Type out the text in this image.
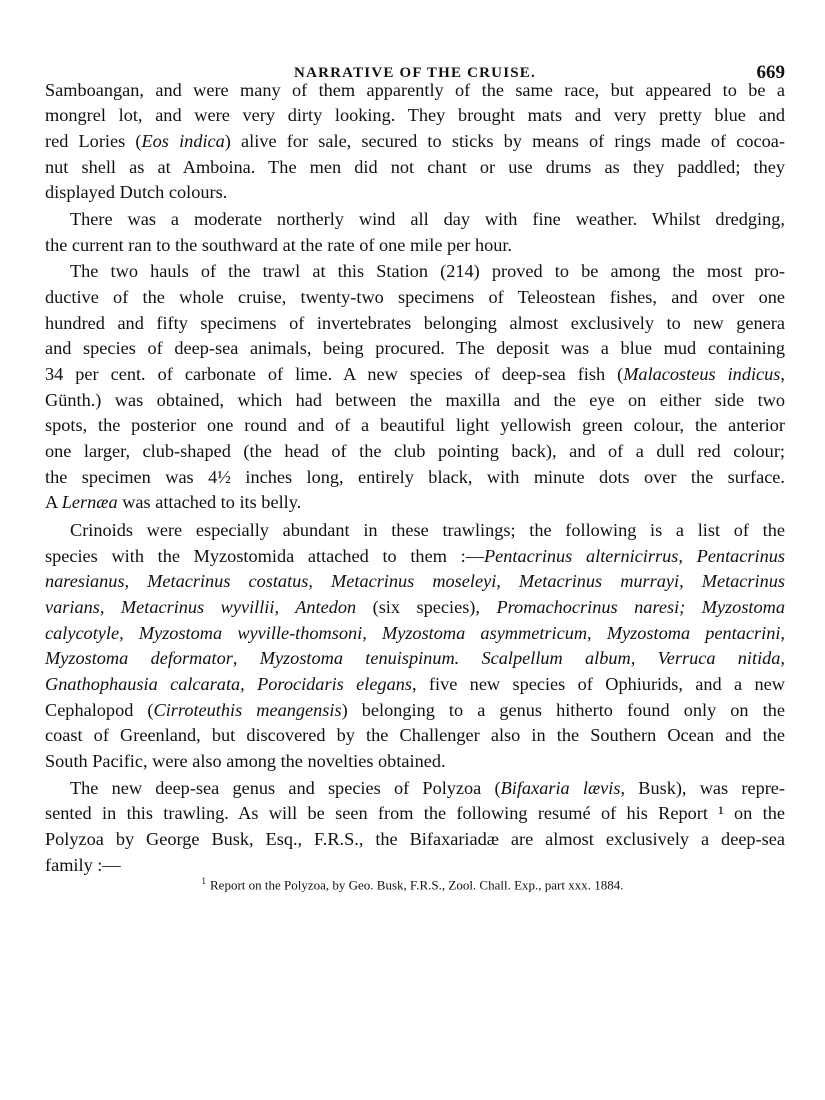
NARRATIVE OF THE CRUISE.	669
Samboangan, and were many of them apparently of the same race, but appeared to be a
mongrel lot, and were very dirty looking. They brought mats and very pretty blue and
red Lories (Eos indica) alive for sale, secured to sticks by means of rings made of cocoa-
nut shell as at Amboina. The men did not chant or use drums as they paddled; they
displayed Dutch colours.
There was a moderate northerly wind all day with fine weather. Whilst dredging,
the current ran to the southward at the rate of one mile per hour.
The two hauls of the trawl at this Station (214) proved to be among the most pro-
ductive of the whole cruise, twenty-two specimens of Teleostean fishes, and over one
hundred and fifty specimens of invertebrates belonging almost exclusively to new genera
and species of deep-sea animals, being procured. The deposit was a blue mud containing
34 per cent. of carbonate of lime. A new species of deep-sea fish (Malacosteus indicus,
Günth.) was obtained, which had between the maxilla and the eye on either side two
spots, the posterior one round and of a beautiful light yellowish green colour, the anterior
one larger, club-shaped (the head of the club pointing back), and of a dull red colour;
the specimen was 4½ inches long, entirely black, with minute dots over the surface.
A Lernæa was attached to its belly.
Crinoids were especially abundant in these trawlings; the following is a list of the
species with the Myzostomida attached to them :—Pentacrinus alternicirrus, Pentacrinus
naresianus, Metacrinus costatus, Metacrinus moseleyi, Metacrinus murrayi, Metacrinus
varians, Metacrinus wyvillii, Antedon (six species), Promachocrinus naresi; Myzostoma
calycotyle, Myzostoma wyville-thomsoni, Myzostoma asymmetricum, Myzostoma pentacrini,
Myzostoma deformator, Myzostoma tenuispinum. Scalpellum album, Verruca nitida,
Gnathophausia calcarata, Porocidaris elegans, five new species of Ophiurids, and a new
Cephalopod (Cirroteuthis meangensis) belonging to a genus hitherto found only on the
coast of Greenland, but discovered by the Challenger also in the Southern Ocean and the
South Pacific, were also among the novelties obtained.
The new deep-sea genus and species of Polyzoa (Bifaxaria lævis, Busk), was repre-
sented in this trawling. As will be seen from the following resumé of his Report ¹ on the
Polyzoa by George Busk, Esq., F.R.S., the Bifaxariadæ are almost exclusively a deep-sea
family :—
$^1$ Report on the Polyzoa, by Geo. Busk, F.R.S., Zool. Chall. Exp., part xxx. 1884.
